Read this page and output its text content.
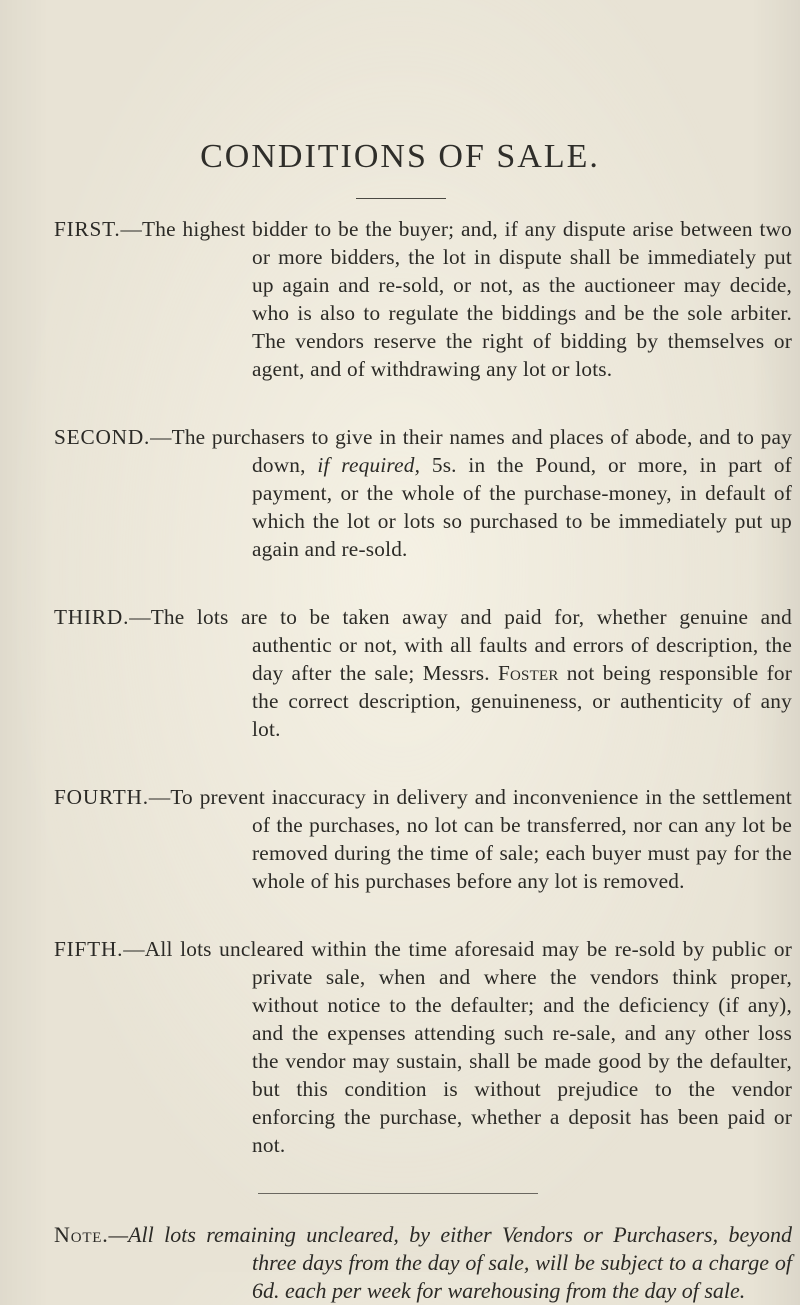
CONDITIONS OF SALE.

FIRST.—The highest bidder to be the buyer; and, if any dispute arise between two or more bidders, the lot in dispute shall be immediately put up again and re-sold, or not, as the auctioneer may decide, who is also to regulate the biddings and be the sole arbiter. The vendors reserve the right of bidding by themselves or agent, and of withdrawing any lot or lots.

SECOND.—The purchasers to give in their names and places of abode, and to pay down, if required, 5s. in the Pound, or more, in part of payment, or the whole of the purchase-money, in default of which the lot or lots so purchased to be immediately put up again and re-sold.

THIRD.—The lots are to be taken away and paid for, whether genuine and authentic or not, with all faults and errors of description, the day after the sale; Messrs. Foster not being responsible for the correct description, genuineness, or authenticity of any lot.

FOURTH.—To prevent inaccuracy in delivery and inconvenience in the settlement of the purchases, no lot can be transferred, nor can any lot be removed during the time of sale; each buyer must pay for the whole of his purchases before any lot is removed.

FIFTH.—All lots uncleared within the time aforesaid may be re-sold by public or private sale, when and where the vendors think proper, without notice to the defaulter; and the deficiency (if any), and the expenses attending such re-sale, and any other loss the vendor may sustain, shall be made good by the defaulter, but this condition is without prejudice to the vendor enforcing the purchase, whether a deposit has been paid or not.

Note.—All lots remaining uncleared, by either Vendors or Purchasers, beyond three days from the day of sale, will be subject to a charge of 6d. each per week for warehousing from the day of sale.
